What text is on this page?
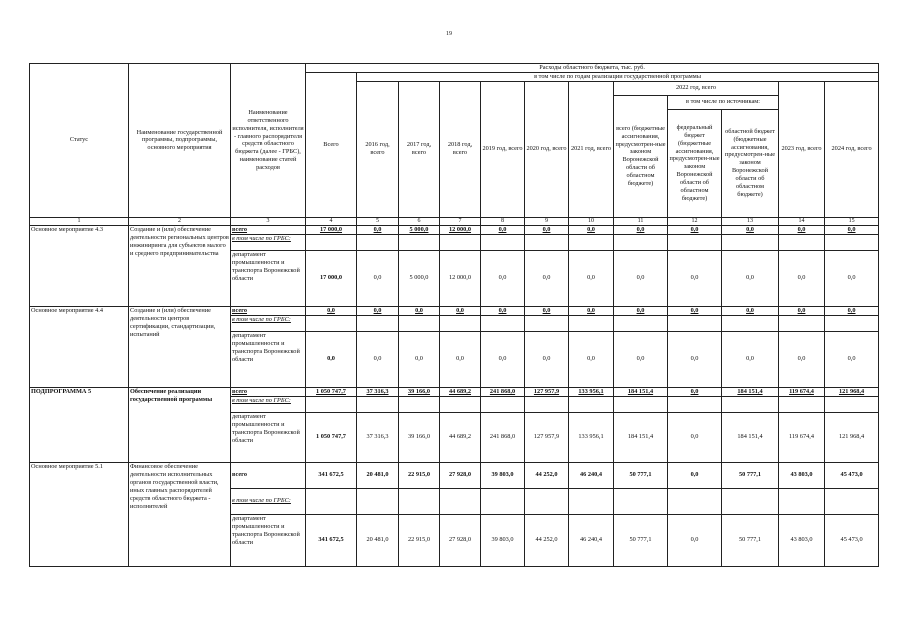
19
Статус	Наименование государственной программы, подпрограммы, основного мероприятия	Наименование ответственного исполнителя, исполнителя - главного распорядителя средств областного бюджета (далее - ГРБС), наименование статей расходов	Расходы областного бюджета, тыс. руб.											
			Всего	в том числе по годам реализации государственной программы										
				2016 год, всего	2017 год, всего	2018 год, всего	2019 год, всего	2020 год, всего	2021 год, всего	2022 год, всего			2023 год, всего	2024 год, всего
										всего (бюджетные ассигнования, предусмотрен-ные законом Воронежской области об областном бюджете)	в том числе по источникам:			
											федеральный бюджет (бюджетные ассигнования, предусмотрен-ные законом Воронежской области об областном бюджете)	областной бюджет (бюджетные ассигнования, предусмотрен-ные законом Воронежской области об областном бюджете)		
1	2	3	4	5	6	7	8	9	10	11	12	13	14	15
Основное мероприятие 4.3	Создание и (или) обеспечение деятельности региональных центров инжиниринга для субъектов малого и среднего предпринимательства	всего	17 000,0	0,0	5 000,0	12 000,0	0,0	0,0	0,0	0,0	0,0	0,0	0,0	0,0
		в том числе по ГРБС:												
		департамент промышленности и транспорта Воронежской области	17 000,0	0,0	5 000,0	12 000,0	0,0	0,0	0,0	0,0	0,0	0,0	0,0	0,0
Основное мероприятие 4.4	Создание и (или) обеспечение деятельности центров сертификации, стандартизации, испытаний	всего	0,0	0,0	0,0	0,0	0,0	0,0	0,0	0,0	0,0	0,0	0,0	0,0
		в том числе по ГРБС:												
		департамент промышленности и транспорта Воронежской области	0,0	0,0	0,0	0,0	0,0	0,0	0,0	0,0	0,0	0,0	0,0	0,0
ПОДПРОГРАММА 5	Обеспечение реализации государственной программы	всего	1 050 747,7	37 316,3	39 166,0	44 689,2	241 868,0	127 957,9	133 956,1	184 151,4	0,0	184 151,4	119 674,4	121 968,4
		в том числе по ГРБС:												
		департамент промышленности и транспорта Воронежской области	1 050 747,7	37 316,3	39 166,0	44 689,2	241 868,0	127 957,9	133 956,1	184 151,4	0,0	184 151,4	119 674,4	121 968,4
Основное мероприятие 5.1	Финансовое обеспечение деятельности исполнительных органов государственной власти, иных главных распорядителей средств областного бюджета - исполнителей	всего	341 672,5	20 481,0	22 915,0	27 928,0	39 803,0	44 252,0	46 240,4	50 777,1	0,0	50 777,1	43 803,0	45 473,0
		в том числе по ГРБС:												
		департамент промышленности и транспорта Воронежской области	341 672,5	20 481,0	22 915,0	27 928,0	39 803,0	44 252,0	46 240,4	50 777,1	0,0	50 777,1	43 803,0	45 473,0
